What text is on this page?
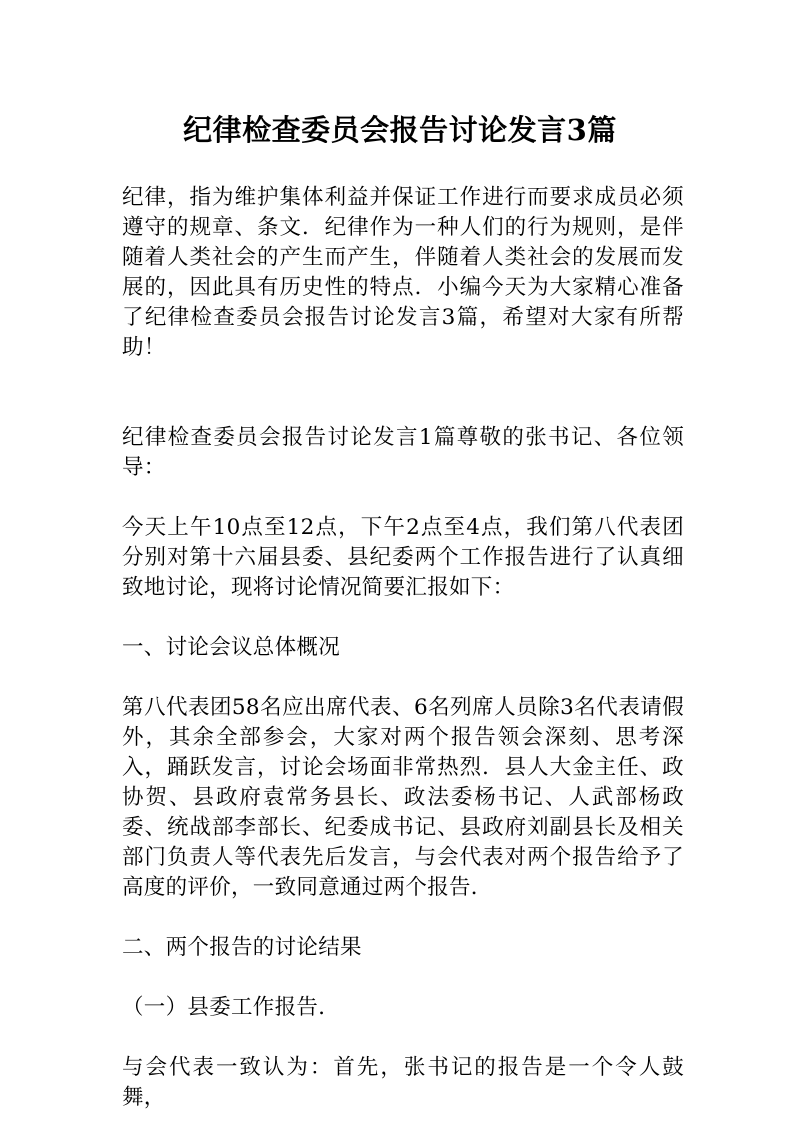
纪律检查委员会报告讨论发言3篇

纪律，指为维护集体利益并保证工作进行而要求成员必须遵守的规章、条文．纪律作为一种人们的行为规则，是伴随着人类社会的产生而产生，伴随着人类社会的发展而发展的，因此具有历史性的特点．小编今天为大家精心准备了纪律检查委员会报告讨论发言3篇，希望对大家有所帮助！

纪律检查委员会报告讨论发言1篇尊敬的张书记、各位领导：

今天上午10点至12点，下午2点至4点，我们第八代表团分别对第十六届县委、县纪委两个工作报告进行了认真细致地讨论，现将讨论情况简要汇报如下：

一、讨论会议总体概况

第八代表团58名应出席代表、6名列席人员除3名代表请假外，其余全部参会，大家对两个报告领会深刻、思考深入，踊跃发言，讨论会场面非常热烈．县人大金主任、政协贺、县政府袁常务县长、政法委杨书记、人武部杨政委、统战部李部长、纪委成书记、县政府刘副县长及相关部门负责人等代表先后发言，与会代表对两个报告给予了高度的评价，一致同意通过两个报告．

二、两个报告的讨论结果

（一）县委工作报告．

与会代表一致认为：首先，张书记的报告是一个令人鼓舞，
